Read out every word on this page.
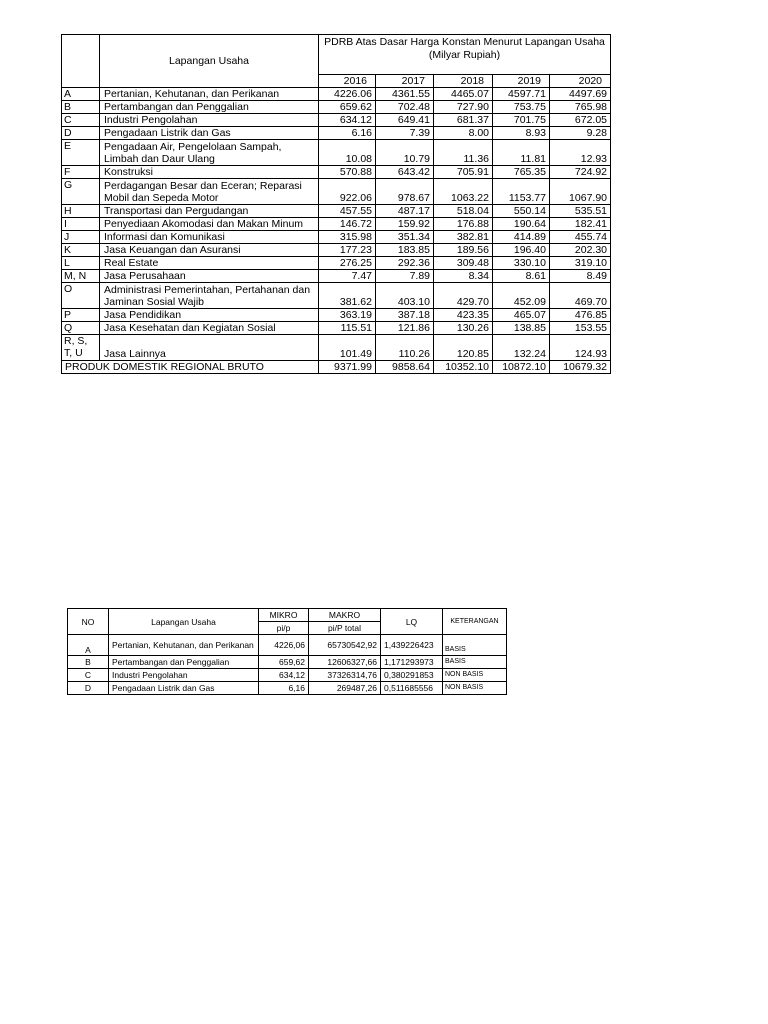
	Lapangan Usaha	PDRB Atas Dasar Harga Konstan Menurut Lapangan Usaha (Milyar Rupiah)				
		2016	2017	2018	2019	2020
A	Pertanian, Kehutanan, dan Perikanan	4226.06	4361.55	4465.07	4597.71	4497.69
B	Pertambangan dan Penggalian	659.62	702.48	727.90	753.75	765.98
C	Industri Pengolahan	634.12	649.41	681.37	701.75	672.05
D	Pengadaan Listrik dan Gas	6.16	7.39	8.00	8.93	9.28
E	Pengadaan Air, Pengelolaan Sampah, Limbah dan Daur Ulang	10.08	10.79	11.36	11.81	12.93
F	Konstruksi	570.88	643.42	705.91	765.35	724.92
G	Perdagangan Besar dan Eceran; Reparasi Mobil dan Sepeda Motor	922.06	978.67	1063.22	1153.77	1067.90
H	Transportasi dan Pergudangan	457.55	487.17	518.04	550.14	535.51
I	Penyediaan Akomodasi dan Makan Minum	146.72	159.92	176.88	190.64	182.41
J	Informasi dan Komunikasi	315.98	351.34	382.81	414.89	455.74
K	Jasa Keuangan dan Asuransi	177.23	183.85	189.56	196.40	202.30
L	Real Estate	276.25	292.36	309.48	330.10	319.10
M, N	Jasa Perusahaan	7.47	7.89	8.34	8.61	8.49
O	Administrasi Pemerintahan, Pertahanan dan Jaminan Sosial Wajib	381.62	403.10	429.70	452.09	469.70
P	Jasa Pendidikan	363.19	387.18	423.35	465.07	476.85
Q	Jasa Kesehatan dan Kegiatan Sosial	115.51	121.86	130.26	138.85	153.55
R, S, T, U	Jasa Lainnya	101.49	110.26	120.85	132.24	124.93
PRODUK DOMESTIK REGIONAL BRUTO		9371.99	9858.64	10352.10	10872.10	10679.32
NO	Lapangan Usaha	MIKRO	MAKRO	LQ	KETERANGAN
		pi/p	pi/P total		
A	Pertanian, Kehutanan, dan Perikanan	4226,06	65730542,92	1,439226423	BASIS
B	Pertambangan dan Penggalian	659,62	12606327,66	1,171293973	BASIS
C	Industri Pengolahan	634,12	37326314,76	0,380291853	NON BASIS
D	Pengadaan Listrik dan Gas	6,16	269487,26	0,511685556	NON BASIS
